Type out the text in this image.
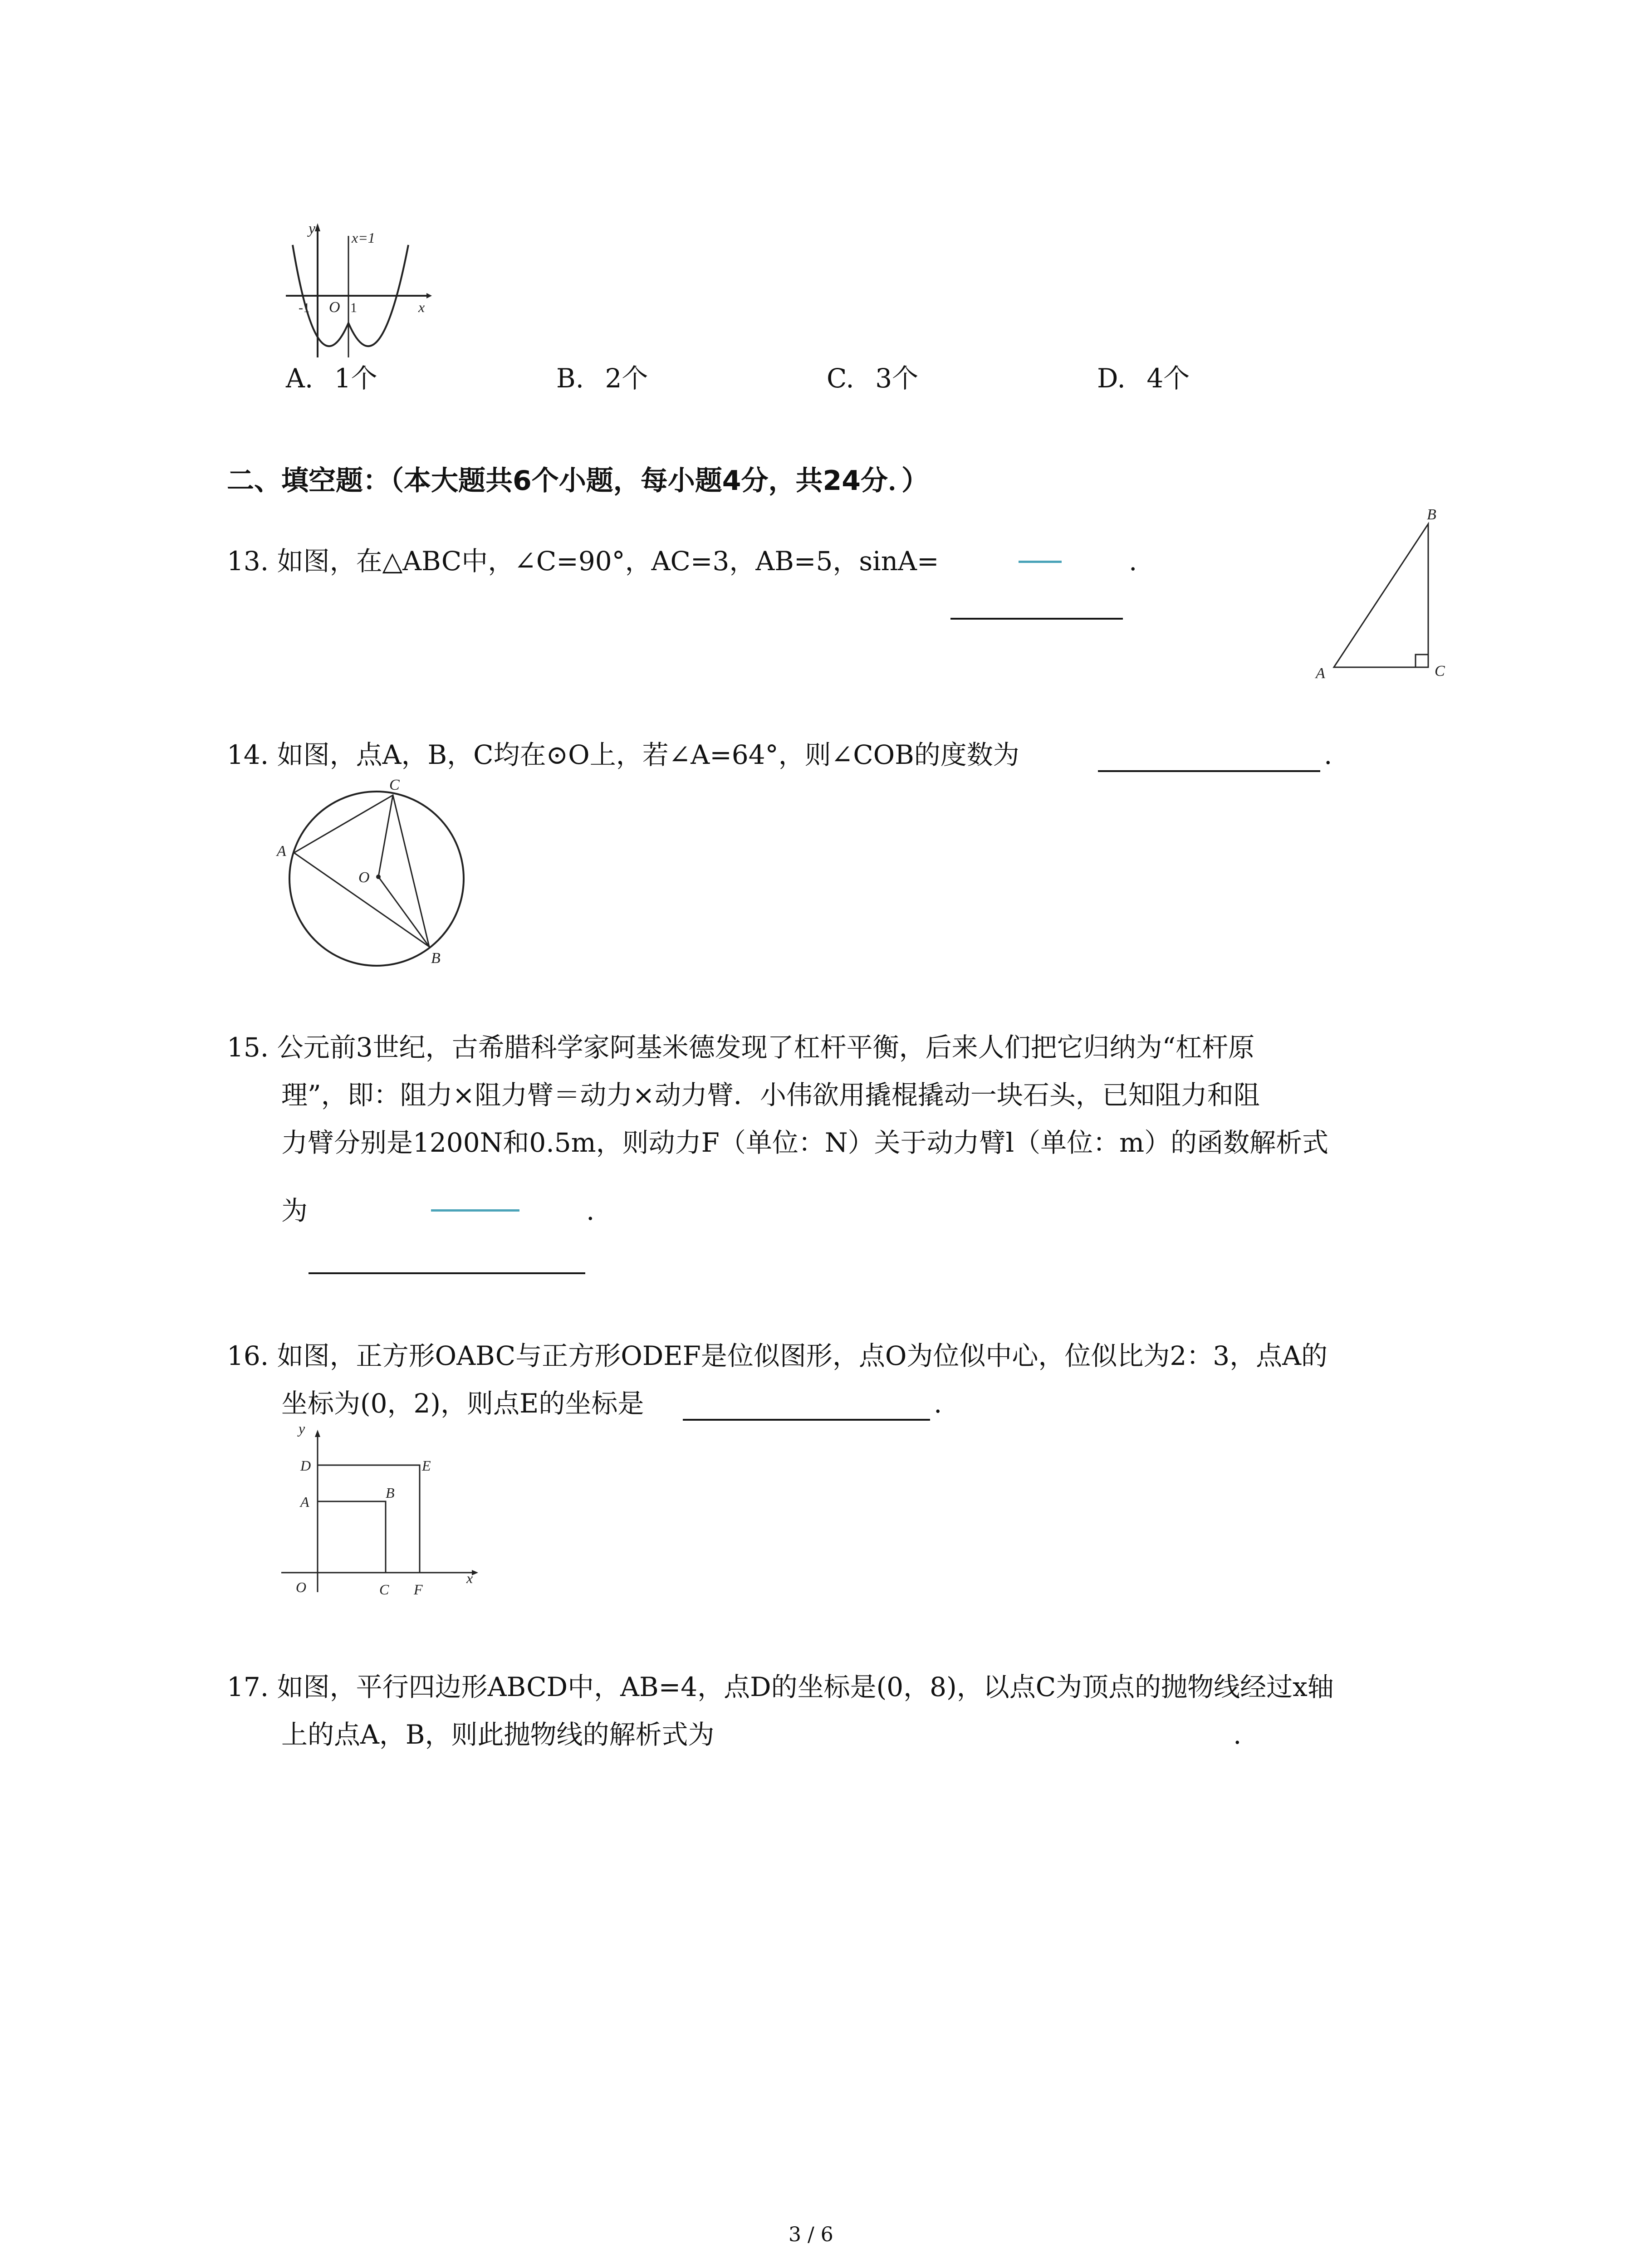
y
x=1
-1 O 1	x
A. 1个	B. 2个	C. 3个	D. 4个
二、填空题：（本大题共6个小题，每小题4分，共24分．）
13. 如图，在△ABC中，∠C=90°，AC=3，AB=5，sinA=	.
B
A	C
14. 如图，点A，B，C均在⊙O上，若∠A=64°，则∠COB的度数为	.
C
A
O
B
15. 公元前3世纪，古希腊科学家阿基米德发现了杠杆平衡，后来人们把它归纳为“杠杆原
理”，即：阻力×阻力臂＝动力×动力臂．小伟欲用撬棍撬动一块石头，已知阻力和阻
力臂分别是1200N和0.5m，则动力F（单位：N）关于动力臂l（单位：m）的函数解析式
为	.
16. 如图，正方形OABC与正方形ODEF是位似图形，点O为位似中心，位似比为2：3，点A的
坐标为(0，2)，则点E的坐标是	.
y
D	E
A
B
O	C F
x
17. 如图，平行四边形ABCD中，AB=4，点D的坐标是(0，8)，以点C为顶点的抛物线经过x轴
上的点A，B，则此抛物线的解析式为	.
3 / 6
